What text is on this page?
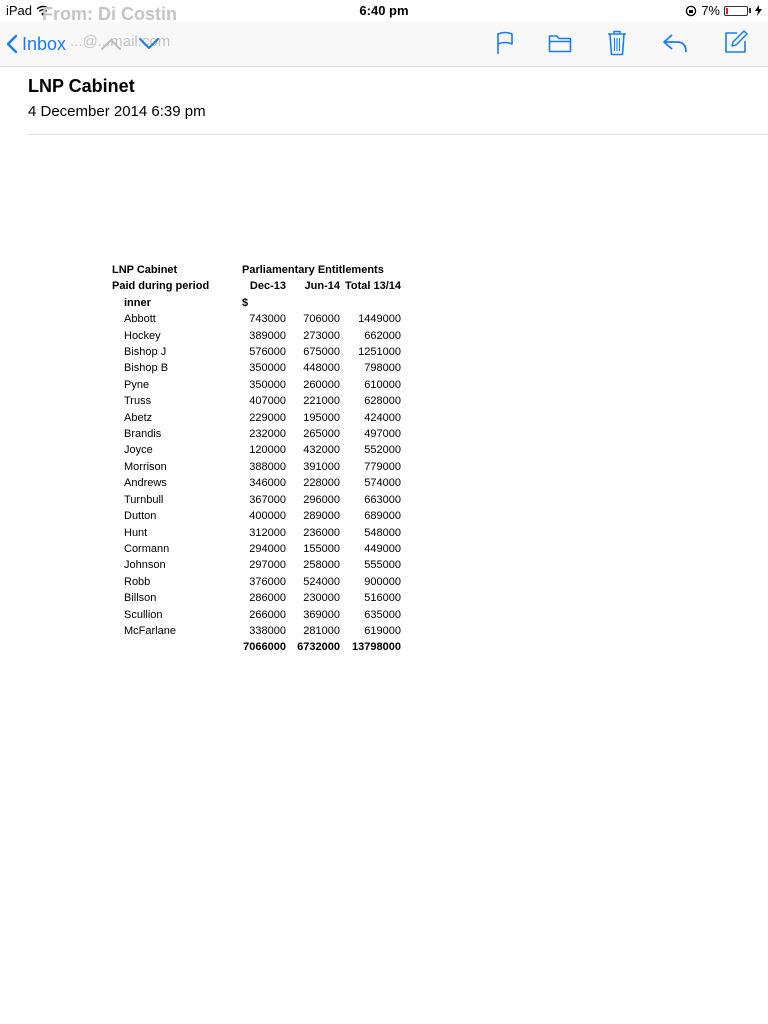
iPad	6:40 pm	7%
From: Di Costin
...@...mail.com
Inbox
LNP Cabinet
4 December 2014 6:39 pm
LNP Cabinet	Parliamentary Entitlements		
Paid during period	Dec-13	Jun-14	Total 13/14
inner	$		
Abbott	743000	706000	1449000
Hockey	389000	273000	662000
Bishop J	576000	675000	1251000
Bishop B	350000	448000	798000
Pyne	350000	260000	610000
Truss	407000	221000	628000
Abetz	229000	195000	424000
Brandis	232000	265000	497000
Joyce	120000	432000	552000
Morrison	388000	391000	779000
Andrews	346000	228000	574000
Turnbull	367000	296000	663000
Dutton	400000	289000	689000
Hunt	312000	236000	548000
Cormann	294000	155000	449000
Johnson	297000	258000	555000
Robb	376000	524000	900000
Billson	286000	230000	516000
Scullion	266000	369000	635000
McFarlane	338000	281000	619000
	7066000	6732000	13798000
